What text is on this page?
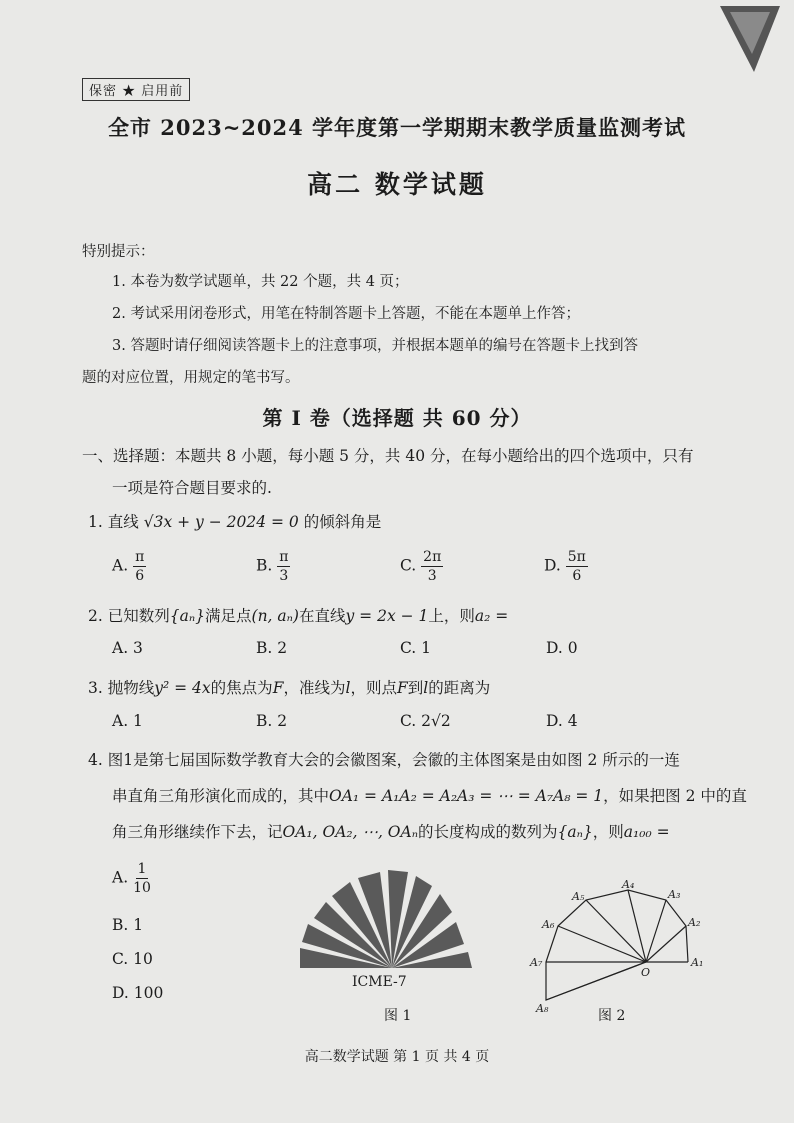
保密 ★ 启用前
全市 2023~2024 学年度第一学期期末教学质量监测考试
高二 数学试题
特别提示：
1. 本卷为数学试题单，共 22 个题，共 4 页；
2. 考试采用闭卷形式，用笔在特制答题卡上答题，不能在本题单上作答；
3. 答题时请仔细阅读答题卡上的注意事项，并根据本题单的编号在答题卡上找到答
题的对应位置，用规定的笔书写。
第 I 卷（选择题 共 60 分）
一、选择题：本题共 8 小题，每小题 5 分，共 40 分，在每小题给出的四个选项中，只有
一项是符合题目要求的.
1. 直线 √3x + y − 2024 = 0 的倾斜角是
A. $\frac{\pi}{6}$	B. $\frac{\pi}{3}$	C. $\frac{2\pi}{3}$	D. $\frac{5\pi}{6}$
2. 已知数列{aₙ}满足点(n, aₙ)在直线y = 2x − 1上，则a₂ =
A. 3	B. 2	C. 1	D. 0
3. 抛物线y² = 4x的焦点为F，准线为l，则点F到l的距离为
A. 1	B. 2	C. 2√2	D. 4
4. 图1是第七届国际数学教育大会的会徽图案，会徽的主体图案是由如图 2 所示的一连
串直角三角形演化而成的，其中OA₁ = A₁A₂ = A₂A₃ = ⋯ = A₇A₈ = 1，如果把图 2 中的直
角三角形继续作下去，记OA₁, OA₂, ⋯, OAₙ的长度构成的数列为{aₙ}，则a₁₀₀ =
A. $\frac{1}{10}$
B. 1
C. 10
D. 100
ICME-7
图 1
A₁
A₂
A₃
A₄
A₅
A₆
A₇
A₈
O
图 2
高二数学试题 第 1 页 共 4 页
